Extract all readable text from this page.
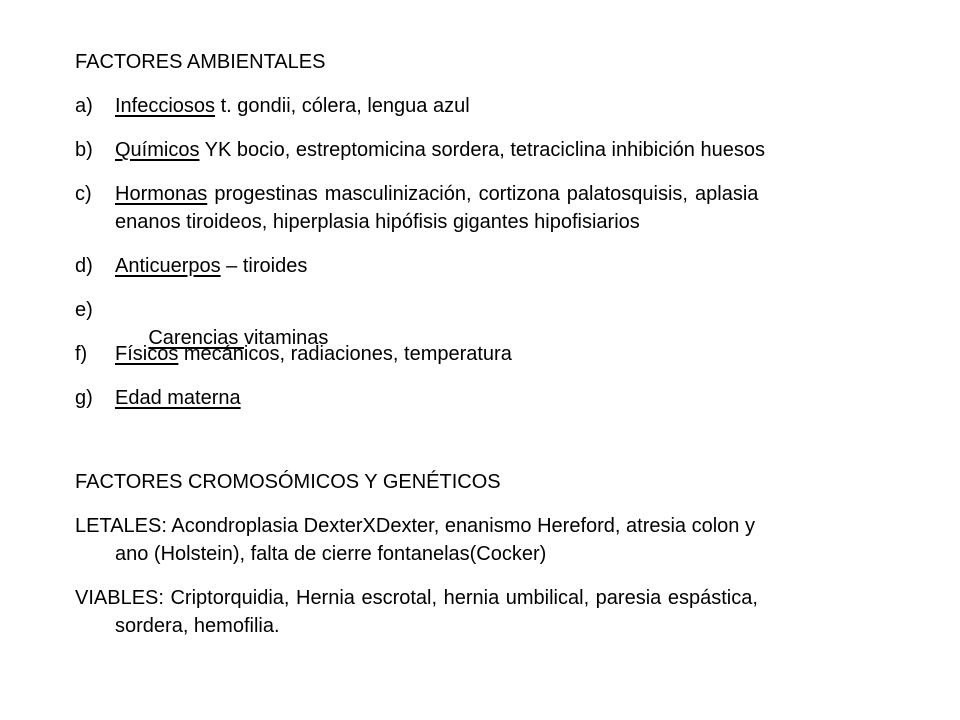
FACTORES AMBIENTALES
a)	Infecciosos t. gondii, cólera, lengua azul
b)	Químicos YK bocio, estreptomicina sordera, tetraciclina inhibición huesos
c)	Hormonas progestinas masculinización, cortizona palatosquisis, aplasia
enanos tiroideos, hiperplasia hipófisis gigantes hipofisiarios
d)	Anticuerpos – tiroides
e)

Carencias vitaminas

f)	Físicos mecánicos, radiaciones, temperatura
g)	Edad materna
FACTORES CROMOSÓMICOS Y GENÉTICOS
LETALES: Acondroplasia DexterXDexter, enanismo Hereford, atresia colon y
ano (Holstein), falta de cierre fontanelas(Cocker)
VIABLES: Criptorquidia, Hernia escrotal, hernia umbilical, paresia espástica,
sordera, hemofilia.
